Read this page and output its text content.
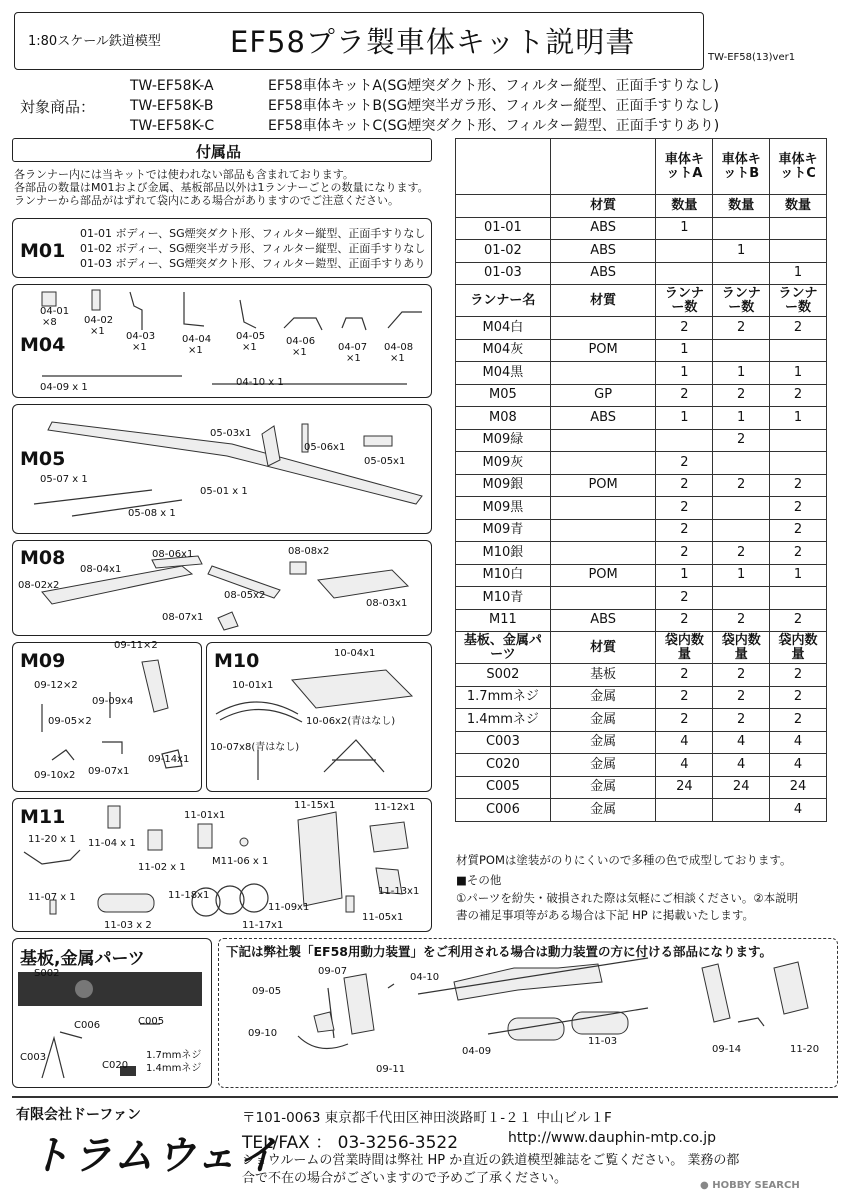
1:80スケール鉄道模型 EF58プラ製車体キット説明書	TW-EF58(13)ver1
対象商品：
TW-EF58K-A	EF58車体キットA(SG煙突ダクト形、フィルター縦型、正面手すりなし)
TW-EF58K-B	EF58車体キットB(SG煙突半ガラ形、フィルター縦型、正面手すりなし)
TW-EF58K-C	EF58車体キットC(SG煙突ダクト形、フィルター鎧型、正面手すりあり)
付属品
各ランナー内には当キットでは使われない部品も含まれております。
各部品の数量はM01および金属、基板部品以外は1ランナーごとの数量になります。
ランナーから部品がはずれて袋内にある場合がありますのでご注意ください。
M01
01-01 ボディー、SG煙突ダクト形、フィルター縦型、正面手すりなし
01-02 ボディー、SG煙突半ガラ形、フィルター縦型、正面手すりなし
01-03 ボディー、SG煙突ダクト形、フィルター鎧型、正面手すりあり
M04
04-01
×8	04-02
×1 04-03
×1
04-04
×1
04-05
×1
04-06
×1	04-07
×1
04-08
×1
04-09 x 1	04-10 x 1
M05
05-03x1
05-06x1
05-05x1
05-07 x 1
05-01 x 1
05-08 x 1
M08	08-06x1
08-04x1
08-08x2
08-02x2
08-05x2
08-03x1
08-07x1
M09
09-11×2
09-12×2
09-09x4
09-05×2
09-14x1
09-07x1
09-10x2
M10	10-04x1
10-01x1
10-06x2(青はなし)
10-07x8(青はなし)
M11
11-15x1	11-12x1
11-01x1
11-20 x 1 11-04 x 1
11-02 x 1
M11-06 x 1
11-13x1
11-07 x 1	11-18x1
11-09x1
11-03 x 2	11-17x1
11-05x1
基板,金属パーツ
S002
C006	C005
C003
C020
1.7mmネジ
1.4mmネジ
下記は弊社製「EF58用動力装置」をご利用される場合は動力装置の方に付ける部品になります。
09-07
09-05
09-10
09-11
04-10
04-09
11-03
09-14	11-20
		車体キットA	車体キットB	車体キットC
	材質	数量	数量	数量
01-01	ABS	1		
01-02	ABS		1	
01-03	ABS			1
ランナー名	材質	ランナー数	ランナー数	ランナー数
M04白		2	2	2
M04灰	POM	1		
M04黒		1	1	1
M05	GP	2	2	2
M08	ABS	1	1	1
M09緑			2	
M09灰		2		
M09銀	POM	2	2	2
M09黒		2		2
M09青		2		2
M10銀		2	2	2
M10白	POM	1	1	1
M10青		2		
M11	ABS	2	2	2
基板、金属パーツ	材質	袋内数量	袋内数量	袋内数量
S002	基板	2	2	2
1.7mmネジ	金属	2	2	2
1.4mmネジ	金属	2	2	2
C003	金属	4	4	4
C020	金属	4	4	4
C005	金属	24	24	24
C006	金属			4
材質POMは塗装がのりにくいので多種の色で成型しております。
■その他
①パーツを紛失・破損された際は気軽にご相談ください。②本説明
書の補足事項等がある場合は下記 HP に掲載いたします。
有限会社ドーファン
トラムウェイ
〒101-0063 東京都千代田区神田淡路町１-２１ 中山ビル１F
TEL/FAX ： 03-3256-3522	http://www.dauphin-mtp.co.jp
ショウルームの営業時間は弊社 HP か直近の鉄道模型雑誌をご覧ください。 業務の都
合で不在の場合がございますので予めご了承ください。	● HOBBY SEARCH
